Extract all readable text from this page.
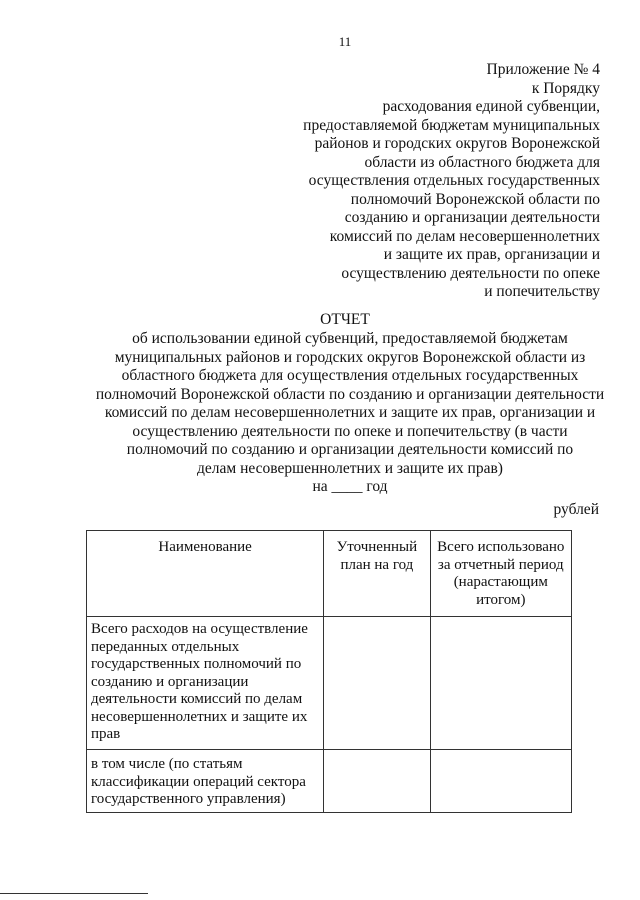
11
Приложение № 4
к Порядку
расходования единой субвенции,
предоставляемой бюджетам муниципальных
районов и городских округов Воронежской
области из областного бюджета для
осуществления отдельных государственных
полномочий Воронежской области по
созданию и организации деятельности
комиссий по делам несовершеннолетних
и защите их прав, организации и
осуществлению деятельности по опеке
и попечительству
ОТЧЕТ
об использовании единой субвенций, предоставляемой бюджетам
муниципальных районов и городских округов Воронежской области из
областного бюджета для осуществления отдельных государственных
полномочий Воронежской области по созданию и организации деятельности
комиссий по делам несовершеннолетних и защите их прав, организации и
осуществлению деятельности по опеке и попечительству (в части
полномочий по созданию и организации деятельности комиссий по
делам несовершеннолетних и защите их прав)
на ____ год
рублей
Наименование	Уточненный план на год	Всего использовано за отчетный период (нарастающим итогом)
Всего расходов на осуществление переданных отдельных государственных полномочий по созданию и организации деятельности комиссий по делам несовершеннолетних и защите их прав		
в том числе (по статьям классификации операций сектора государственного управления)		
